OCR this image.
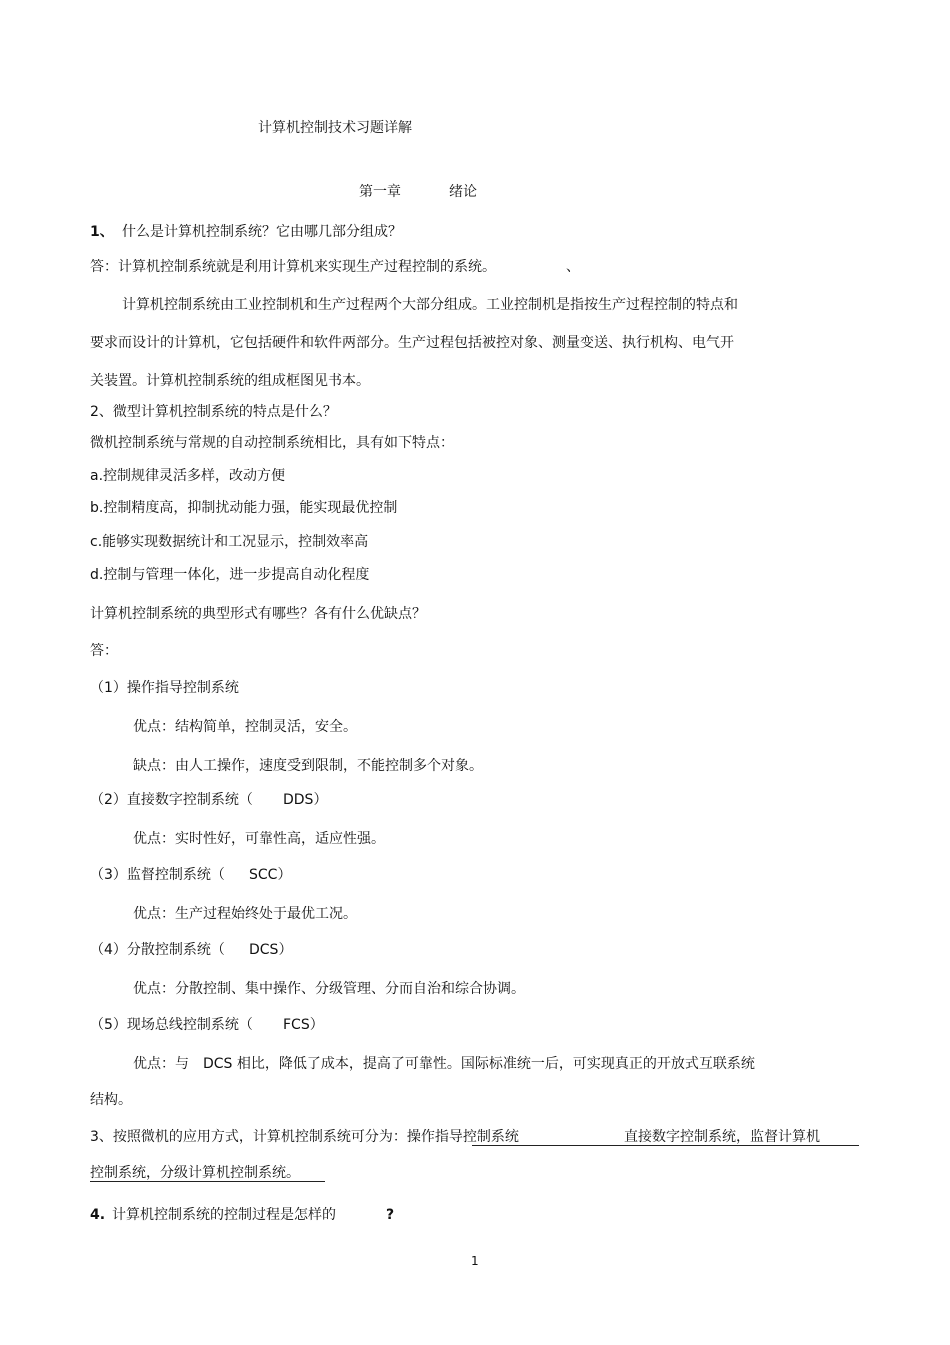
计算机控制技术习题详解
第一章	绪论
1、 什么是计算机控制系统？它由哪几部分组成？
答：计算机控制系统就是利用计算机来实现生产过程控制的系统。	、
计算机控制系统由工业控制机和生产过程两个大部分组成。工业控制机是指按生产过程控制的特点和
要求而设计的计算机，它包括硬件和软件两部分。生产过程包括被控对象、测量变送、执行机构、电气开
关装置。计算机控制系统的组成框图见书本。
2、微型计算机控制系统的特点是什么？
微机控制系统与常规的自动控制系统相比，具有如下特点：
a.控制规律灵活多样，改动方便
b.控制精度高，抑制扰动能力强，能实现最优控制
c.能够实现数据统计和工况显示，控制效率高
d.控制与管理一体化，进一步提高自动化程度
计算机控制系统的典型形式有哪些？各有什么优缺点？
答：
（1）操作指导控制系统
优点：结构简单，控制灵活，安全。
缺点：由人工操作，速度受到限制，不能控制多个对象。
（2）直接数字控制系统（ DDS）
优点：实时性好，可靠性高，适应性强。
（3）监督控制系统（ SCC）
优点：生产过程始终处于最优工况。
（4）分散控制系统（ DCS）
优点：分散控制、集中操作、分级管理、分而自治和综合协调。
（5）现场总线控制系统（ FCS）
优点：与 DCS 相比，降低了成本，提高了可靠性。国际标准统一后，可实现真正的开放式互联系统
结构。
3、按照微机的应用方式，计算机控制系统可分为：操作指导控制系统	直接数字控制系统，监督计算机
控制系统，分级计算机控制系统。
4. 计算机控制系统的控制过程是怎样的	?
1
